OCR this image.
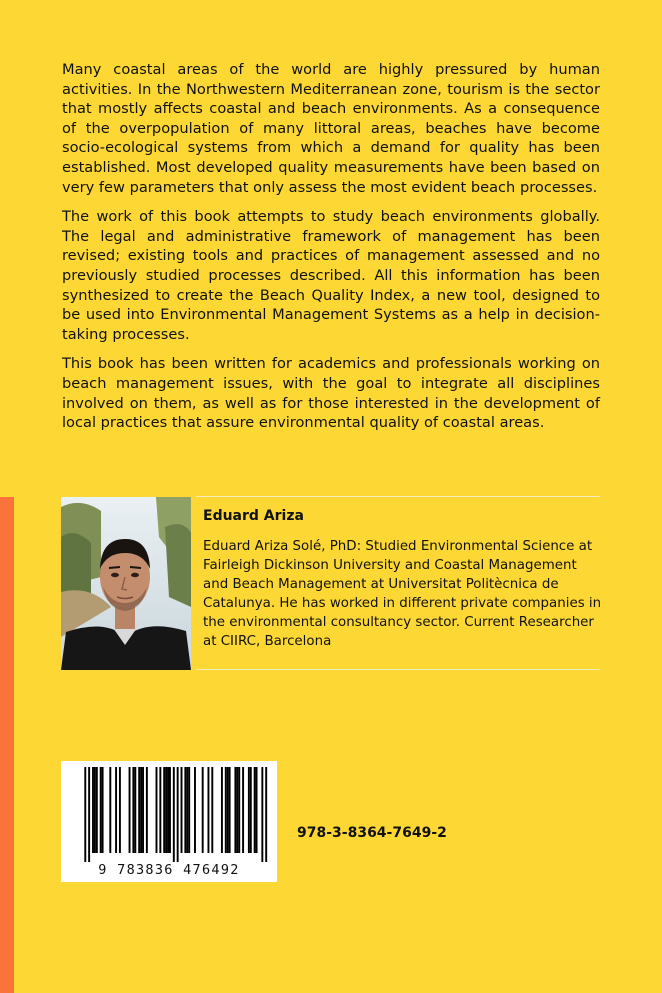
Many coastal areas of the world are highly pressured by human activities. In the Northwestern Mediterranean zone, tourism is the sector that mostly affects coastal and beach environments. As a consequence of the overpopulation of many littoral areas, beaches have become socio-ecological systems from which a demand for quality has been established. Most developed quality measurements have been based on very few parameters that only assess the most evident beach processes.

The work of this book attempts to study beach environments globally. The legal and administrative framework of management has been revised; existing tools and practices of management assessed and no previously studied processes described. All this information has been synthesized to create the Beach Quality Index, a new tool, designed to be used into Environmental Management Systems as a help in decision- taking processes.

This book has been written for academics and professionals working on beach management issues, with the goal to integrate all disciplines involved on them, as well as for those interested in the development of local practices that assure environmental quality of coastal areas.

Eduard Ariza

Eduard Ariza Solé, PhD: Studied Environmental Science at Fairleigh Dickinson University and Coastal Management and Beach Management at Universitat Politècnica de Catalunya. He has worked in different private companies in the environmental consultancy sector. Current Researcher at CIIRC, Barcelona

9 783836 476492
978-3-8364-7649-2
